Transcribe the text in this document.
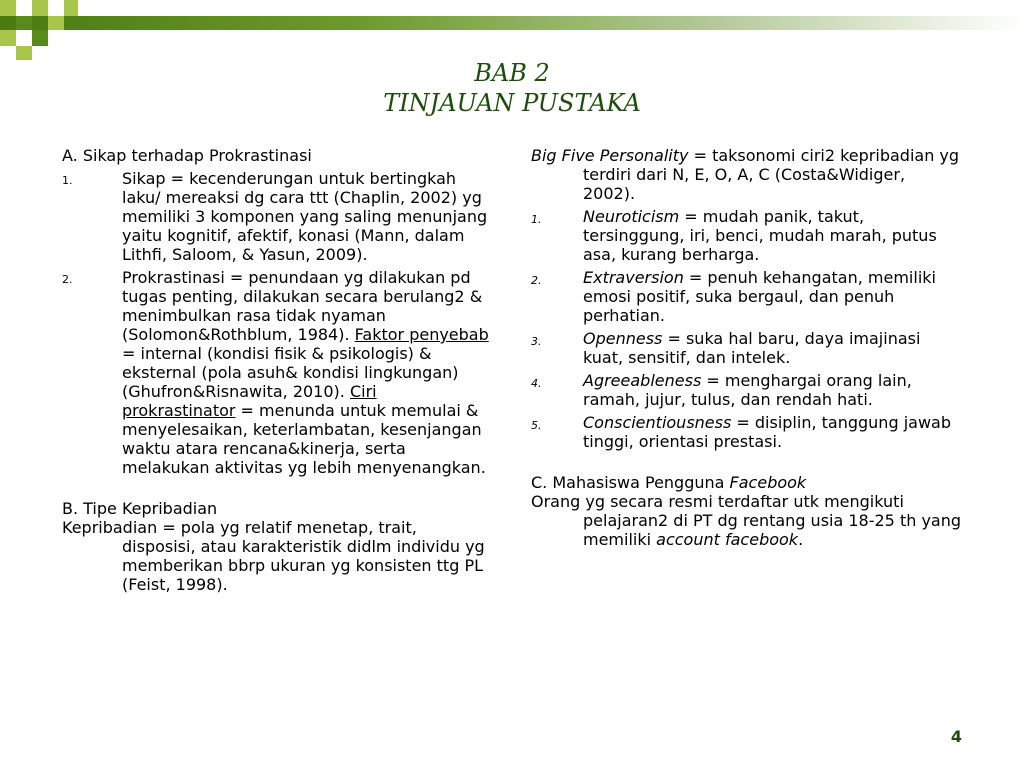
BAB 2
TINJAUAN PUSTAKA

A. Sikap terhadap Prokrastinasi

1.	Sikap = kecenderungan untuk bertingkah laku/ mereaksi dg cara ttt (Chaplin, 2002) yg memiliki 3 komponen yang saling menunjang yaitu kognitif, afektif, konasi (Mann, dalam Lithfi, Saloom, & Yasun, 2009).
2.	Prokrastinasi = penundaan yg dilakukan pd tugas penting, dilakukan secara berulang2 & menimbulkan rasa tidak nyaman (Solomon&Rothblum, 1984). Faktor penyebab = internal (kondisi fisik & psikologis) & eksternal (pola asuh& kondisi lingkungan)(Ghufron&Risnawita, 2010). Ciri prokrastinator = menunda untuk memulai & menyelesaikan, keterlambatan, kesenjangan waktu atara rencana&kinerja, serta melakukan aktivitas yg lebih menyenangkan.

B. Tipe Kepribadian

Kepribadian = pola yg relatif menetap, trait, disposisi, atau karakteristik didlm individu yg memberikan bbrp ukuran yg konsisten ttg PL (Feist, 1998).

Big Five Personality = taksonomi ciri2 kepribadian yg terdiri dari N, E, O, A, C (Costa&Widiger, 2002).

1.	Neuroticism = mudah panik, takut, tersinggung, iri, benci, mudah marah, putus asa, kurang berharga.
2.	Extraversion = penuh kehangatan, memiliki emosi positif, suka bergaul, dan penuh perhatian.
3.	Openness = suka hal baru, daya imajinasi kuat, sensitif, dan intelek.
4.	Agreeableness = menghargai orang lain, ramah, jujur, tulus, dan rendah hati.
5.	Conscientiousness = disiplin, tanggung jawab tinggi, orientasi prestasi.

C. Mahasiswa Pengguna Facebook

Orang yg secara resmi terdaftar utk mengikuti pelajaran2 di PT dg rentang usia 18-25 th yang memiliki account facebook.

4
